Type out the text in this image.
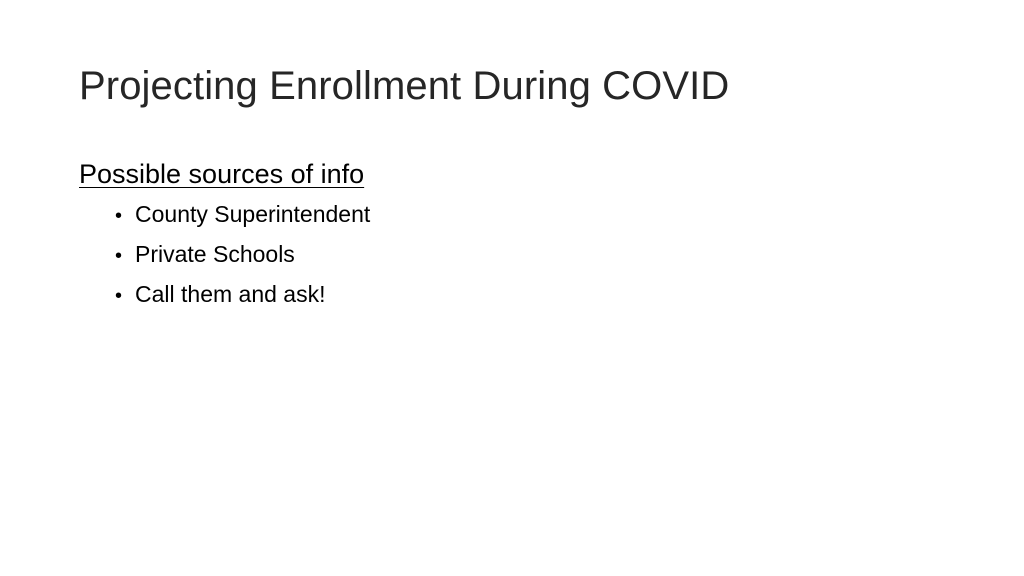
Projecting Enrollment During COVID

Possible sources of info

• County Superintendent
• Private Schools
• Call them and ask!
